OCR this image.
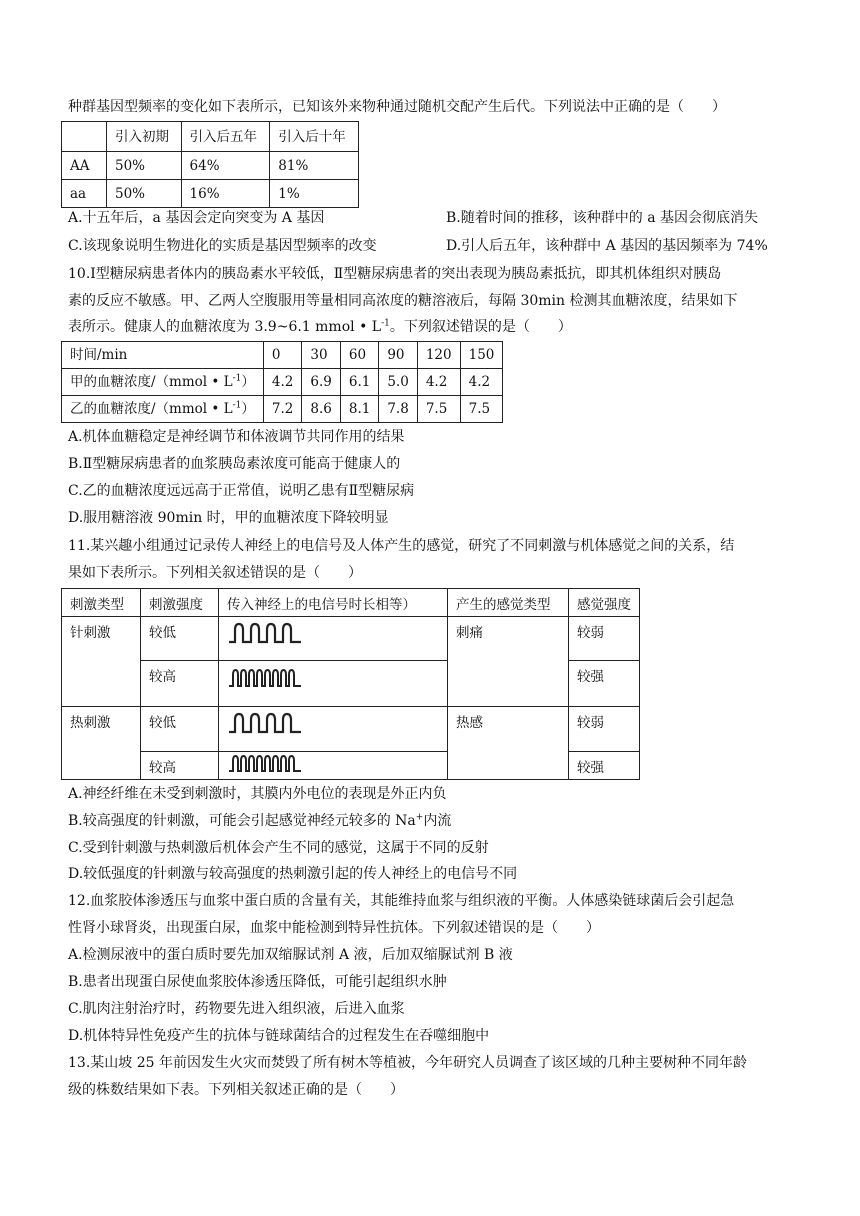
种群基因型频率的变化如下表所示，已知该外来物种通过随机交配产生后代。下列说法中正确的是（　　）
	引入初期	引入后五年	引入后十年
AA	50%	64%	81%
aa	50%	16%	1%
A.十五年后，a 基因会定向突变为 A 基因	B.随着时间的推移，该种群中的 a 基因会彻底消失
C.该现象说明生物进化的实质是基因型频率的改变	D.引人后五年，该种群中 A 基因的基因频率为 74%
10.Ⅰ型糖尿病患者体内的胰岛素水平较低，Ⅱ型糖尿病患者的突出表现为胰岛素抵抗，即其机体组织对胰岛
素的反应不敏感。甲、乙两人空腹服用等量相同高浓度的糖溶液后，每隔 30min 检测其血糖浓度，结果如下
表所示。健康人的血糖浓度为 3.9~6.1 mmol • $L^{-1}$。下列叙述错误的是（　　）
时间/min	0	30	60	90	120	150
甲的血糖浓度/（mmol • $L^{-1}$）	4.2	6.9	6.1	5.0	4.2	4.2
乙的血糖浓度/（mmol • $L^{-1}$）	7.2	8.6	8.1	7.8	7.5	7.5
A.机体血糖稳定是神经调节和体液调节共同作用的结果
B.Ⅱ型糖尿病患者的血浆胰岛素浓度可能高于健康人的
C.乙的血糖浓度远远高于正常值，说明乙患有Ⅱ型糖尿病
D.服用糖溶液 90min 时，甲的血糖浓度下降较明显
11.某兴趣小组通过记录传人神经上的电信号及人体产生的感觉，研究了不同刺激与机体感觉之间的关系，结
果如下表所示。下列相关叙述错误的是（　　）
刺激类型	刺激强度	传入神经上的电信号时长相等）	产生的感觉类型	感觉强度
针刺激	较低		刺痛	较弱
	较高			较强
热刺激	较低		热感	较弱
	较高			较强
A.神经纤维在未受到刺激时，其膜内外电位的表现是外正内负
B.较高强度的针刺激，可能会引起感觉神经元较多的 Na+内流
C.受到针刺激与热刺激后机体会产生不同的感觉，这属于不同的反射
D.较低强度的针刺激与较高强度的热刺激引起的传人神经上的电信号不同
12.血浆胶体渗透压与血浆中蛋白质的含量有关，其能维持血浆与组织液的平衡。人体感染链球菌后会引起急
性肾小球肾炎，出现蛋白尿，血浆中能检测到特异性抗体。下列叙述错误的是（　　）
A.检测尿液中的蛋白质时要先加双缩脲试剂 A 液，后加双缩脲试剂 B 液
B.患者出现蛋白尿使血浆胶体渗透压降低，可能引起组织水肿
C.肌肉注射治疗时，药物要先进入组织液，后进入血浆
D.机体特异性免疫产生的抗体与链球菌结合的过程发生在吞噬细胞中
13.某山坡 25 年前因发生火灾而焚毁了所有树木等植被，今年研究人员调查了该区域的几种主要树种不同年龄
级的株数结果如下表。下列相关叙述正确的是（　　）
